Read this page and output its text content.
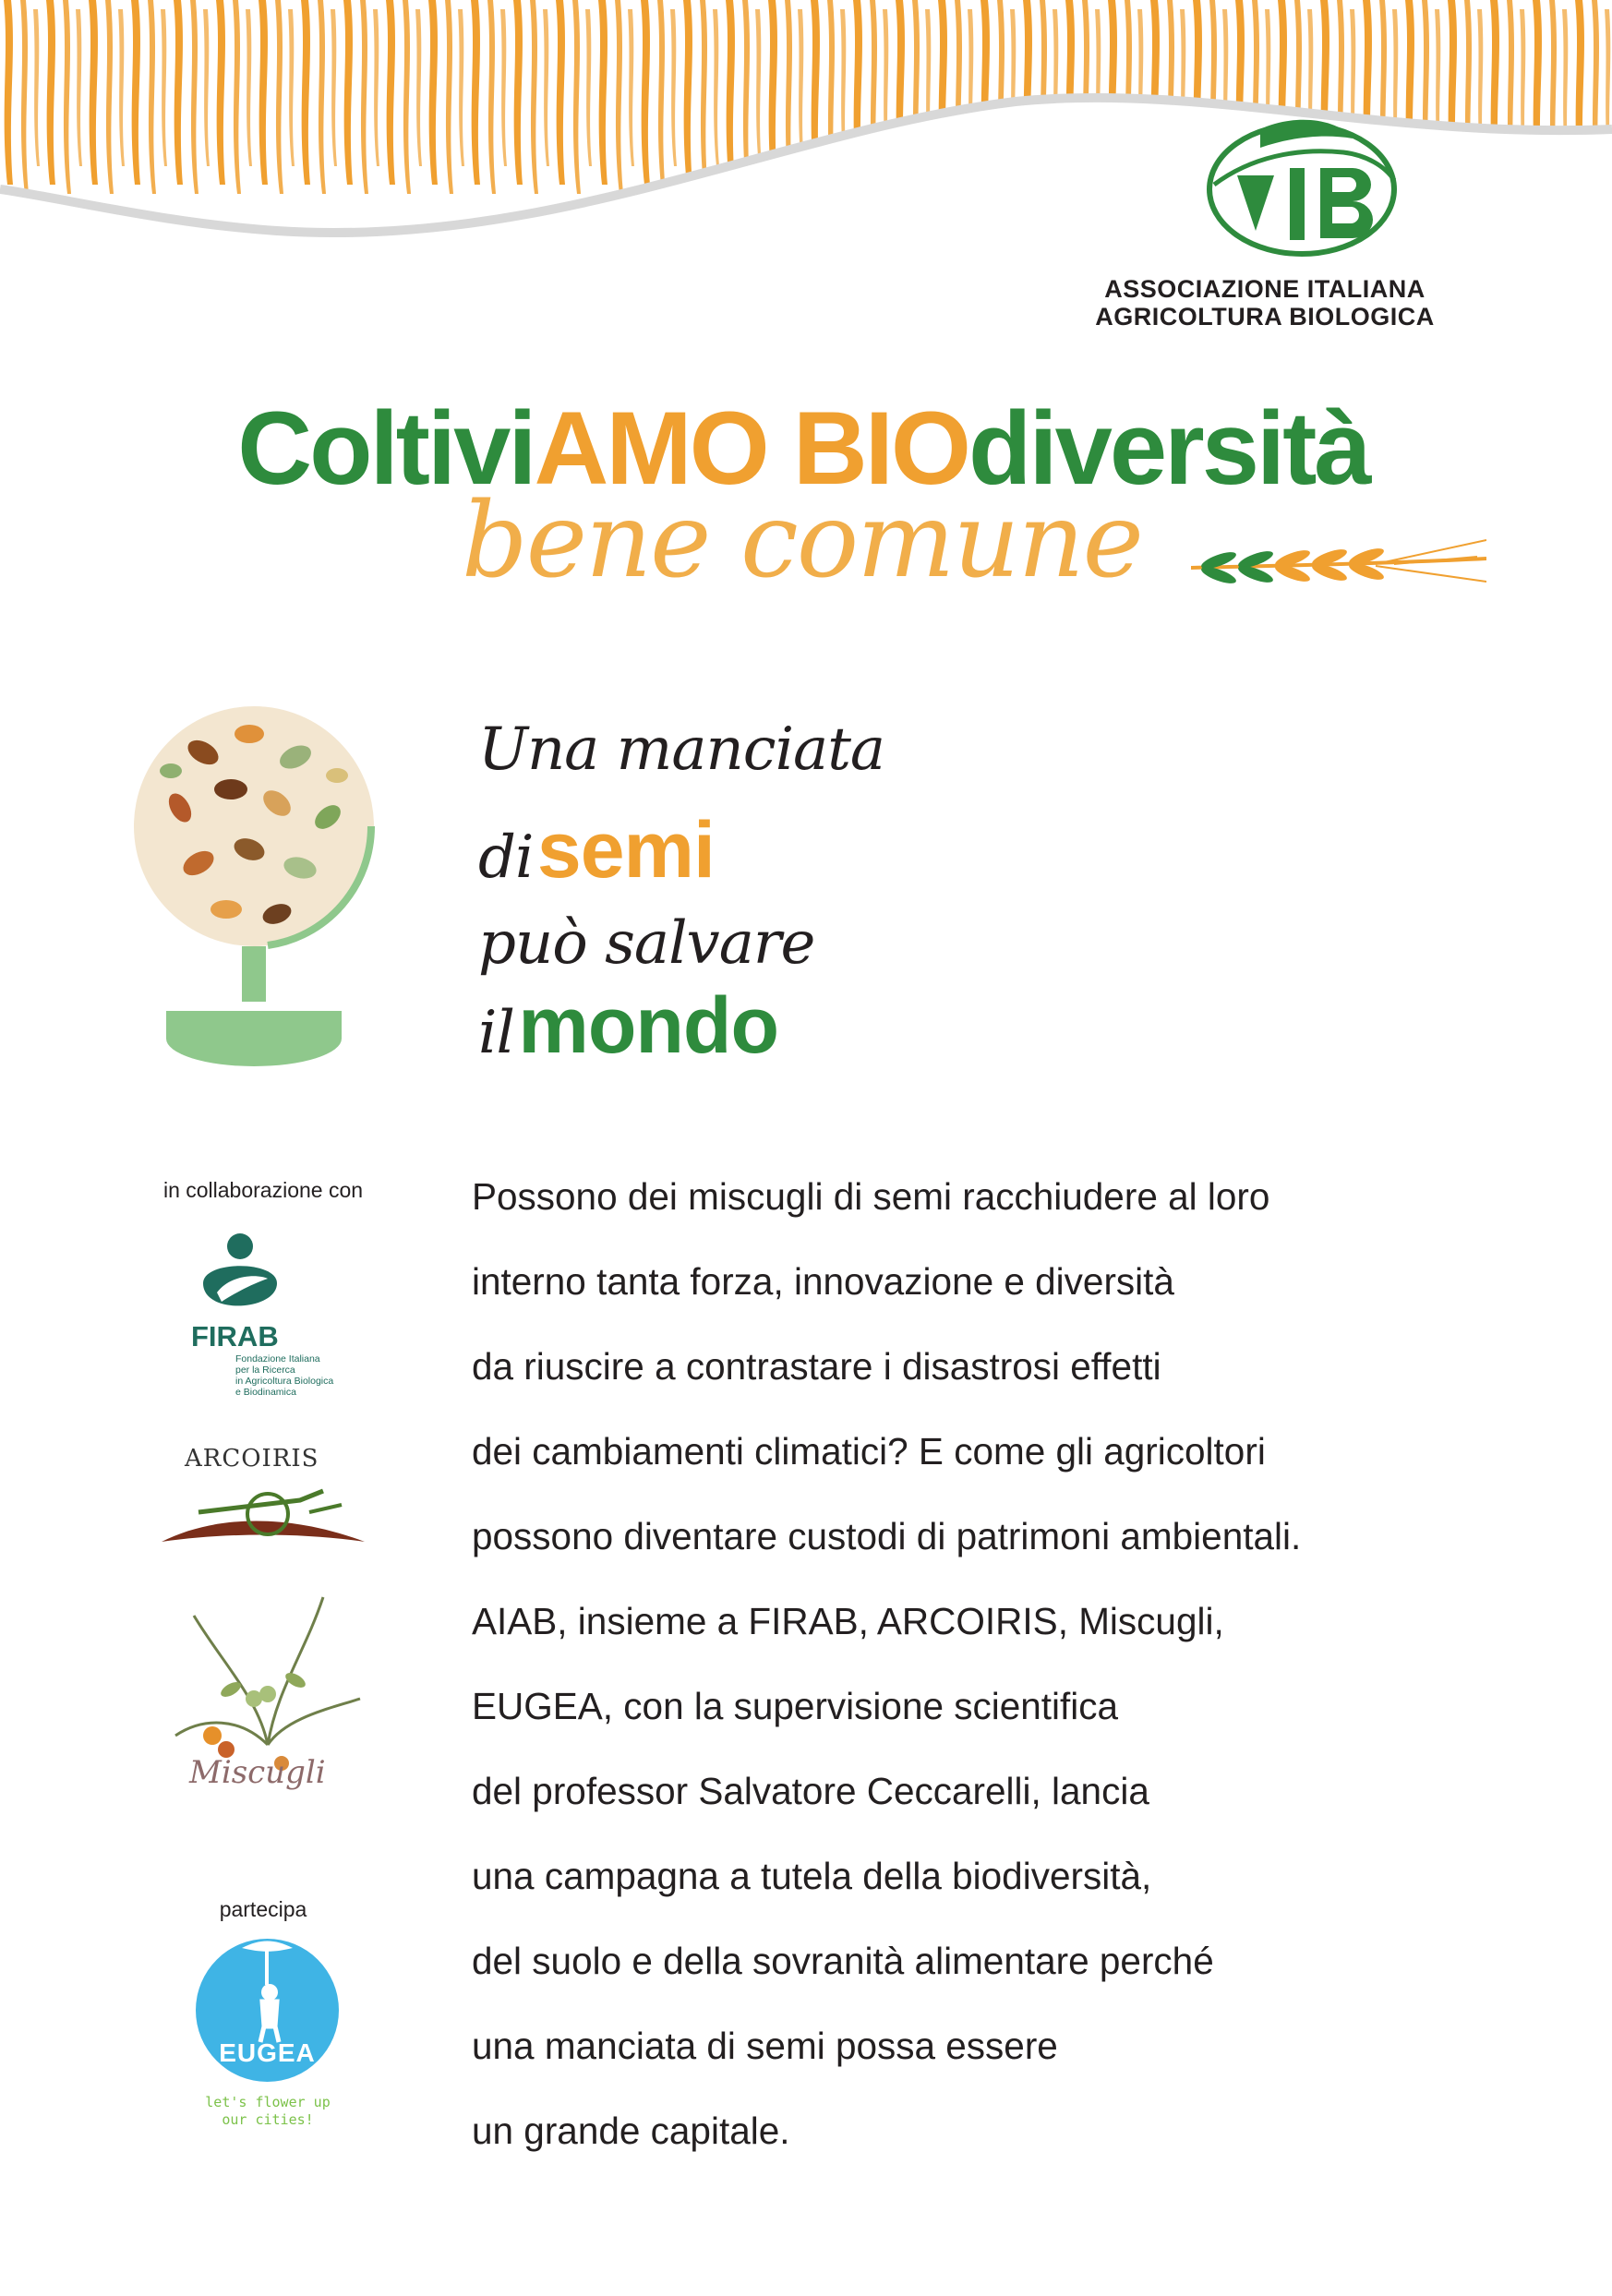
ASSOCIAZIONE ITALIANA
AGRICOLTURA BIOLOGICA
ColtiviAMO BIOdiversità
bene comune
Una manciata
di semi
può salvare
il mondo
in collaborazione con
FIRAB
Fondazione Italiana
per la Ricerca
in Agricoltura Biologica
e Biodinamica
ARCOIRIS
Miscugli
partecipa
EUGEA
let's flower up
our cities!
Possono dei miscugli di semi racchiudere al loro
interno tanta forza, innovazione e diversità
da riuscire a contrastare i disastrosi effetti
dei cambiamenti climatici? E come gli agricoltori
possono diventare custodi di patrimoni ambientali.
AIAB, insieme a FIRAB, ARCOIRIS, Miscugli,
EUGEA, con la supervisione scientifica
del professor Salvatore Ceccarelli, lancia
una campagna a tutela della biodiversità,
del suolo e della sovranità alimentare perché
una manciata di semi possa essere
un grande capitale.
